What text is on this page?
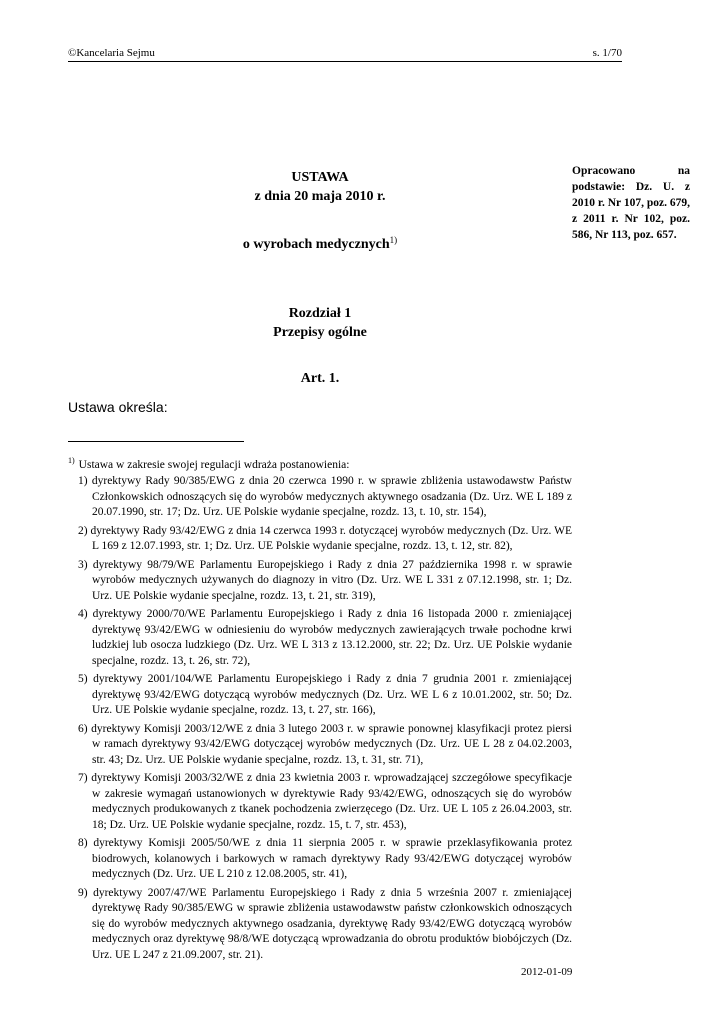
©Kancelaria Sejmu	s. 1/70
USTAWA
z dnia 20 maja 2010 r.
o wyrobach medycznych$^{1)}$
Opracowano na podstawie: Dz. U. z 2010 r. Nr 107, poz. 679, z 2011 r. Nr 102, poz. 586, Nr 113, poz. 657.
Rozdział 1
Przepisy ogólne
Art. 1.
Ustawa określa:
$^{1)}$ Ustawa w zakresie swojej regulacji wdraża postanowienia:
1) dyrektywy Rady 90/385/EWG z dnia 20 czerwca 1990 r. w sprawie zbliżenia ustawodawstw Państw Członkowskich odnoszących się do wyrobów medycznych aktywnego osadzania (Dz. Urz. WE L 189 z 20.07.1990, str. 17; Dz. Urz. UE Polskie wydanie specjalne, rozdz. 13, t. 10, str. 154),
2) dyrektywy Rady 93/42/EWG z dnia 14 czerwca 1993 r. dotyczącej wyrobów medycznych (Dz. Urz. WE L 169 z 12.07.1993, str. 1; Dz. Urz. UE Polskie wydanie specjalne, rozdz. 13, t. 12, str. 82),
3) dyrektywy 98/79/WE Parlamentu Europejskiego i Rady z dnia 27 października 1998 r. w sprawie wyrobów medycznych używanych do diagnozy in vitro (Dz. Urz. WE L 331 z 07.12.1998, str. 1; Dz. Urz. UE Polskie wydanie specjalne, rozdz. 13, t. 21, str. 319),
4) dyrektywy 2000/70/WE Parlamentu Europejskiego i Rady z dnia 16 listopada 2000 r. zmieniającej dyrektywę 93/42/EWG w odniesieniu do wyrobów medycznych zawierających trwałe pochodne krwi ludzkiej lub osocza ludzkiego (Dz. Urz. WE L 313 z 13.12.2000, str. 22; Dz. Urz. UE Polskie wydanie specjalne, rozdz. 13, t. 26, str. 72),
5) dyrektywy 2001/104/WE Parlamentu Europejskiego i Rady z dnia 7 grudnia 2001 r. zmieniającej dyrektywę 93/42/EWG dotyczącą wyrobów medycznych (Dz. Urz. WE L 6 z 10.01.2002, str. 50; Dz. Urz. UE Polskie wydanie specjalne, rozdz. 13, t. 27, str. 166),
6) dyrektywy Komisji 2003/12/WE z dnia 3 lutego 2003 r. w sprawie ponownej klasyfikacji protez piersi w ramach dyrektywy 93/42/EWG dotyczącej wyrobów medycznych (Dz. Urz. UE L 28 z 04.02.2003, str. 43; Dz. Urz. UE Polskie wydanie specjalne, rozdz. 13, t. 31, str. 71),
7) dyrektywy Komisji 2003/32/WE z dnia 23 kwietnia 2003 r. wprowadzającej szczegółowe specyfikacje w zakresie wymagań ustanowionych w dyrektywie Rady 93/42/EWG, odnoszących się do wyrobów medycznych produkowanych z tkanek pochodzenia zwierzęcego (Dz. Urz. UE L 105 z 26.04.2003, str. 18; Dz. Urz. UE Polskie wydanie specjalne, rozdz. 15, t. 7, str. 453),
8) dyrektywy Komisji 2005/50/WE z dnia 11 sierpnia 2005 r. w sprawie przeklasyfikowania protez biodrowych, kolanowych i barkowych w ramach dyrektywy Rady 93/42/EWG dotyczącej wyrobów medycznych (Dz. Urz. UE L 210 z 12.08.2005, str. 41),
9) dyrektywy 2007/47/WE Parlamentu Europejskiego i Rady z dnia 5 września 2007 r. zmieniającej dyrektywę Rady 90/385/EWG w sprawie zbliżenia ustawodawstw państw członkowskich odnoszących się do wyrobów medycznych aktywnego osadzania, dyrektywę Rady 93/42/EWG dotyczącą wyrobów medycznych oraz dyrektywę 98/8/WE dotyczącą wprowadzania do obrotu produktów biobójczych (Dz. Urz. UE L 247 z 21.09.2007, str. 21).
2012-01-09
